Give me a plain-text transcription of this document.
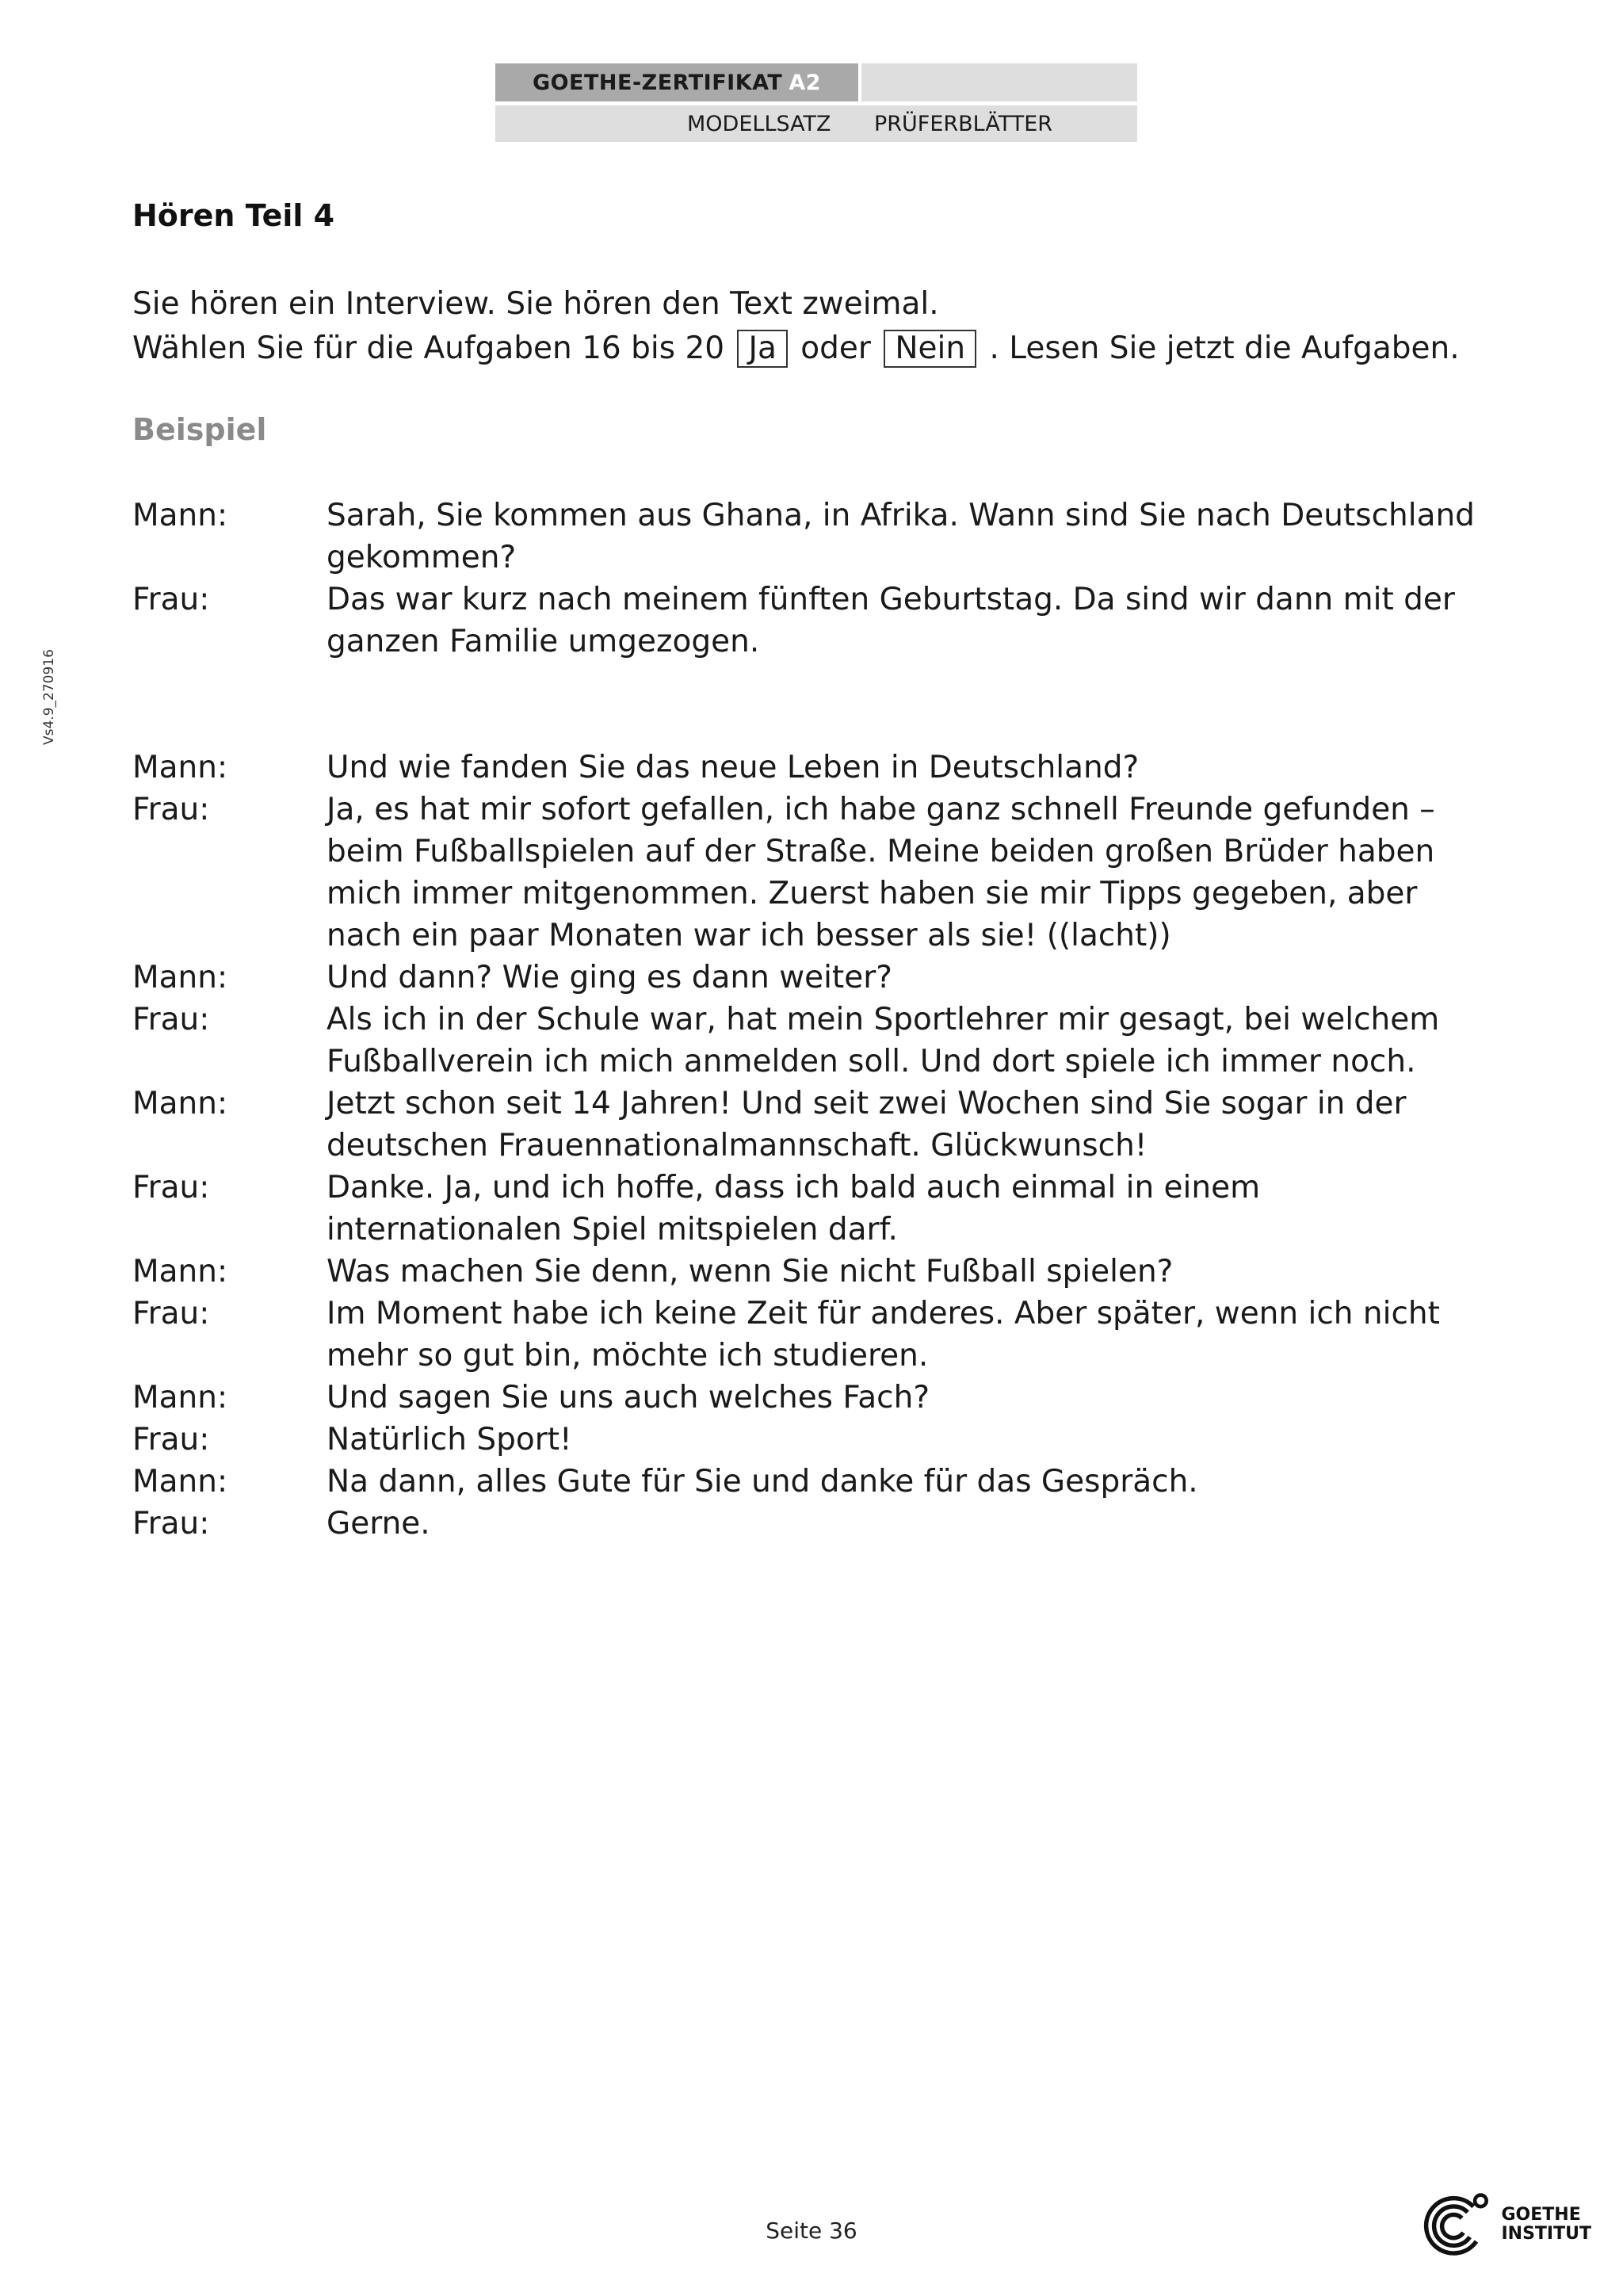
GOETHE-ZERTIFIKAT A2
MODELLSATZ PRÜFERBLÄTTER
Vs4.9_270916
Hören Teil 4
Sie hören ein Interview. Sie hören den Text zweimal.
Wählen Sie für die Aufgaben 16 bis 20 Ja oder Nein . Lesen Sie jetzt die Aufgaben.
Beispiel
Mann:	Sarah, Sie kommen aus Ghana, in Afrika. Wann sind Sie nach Deutschland gekommen?
Frau:	Das war kurz nach meinem fünften Geburtstag. Da sind wir dann mit der ganzen Familie umgezogen.
Mann:	Und wie fanden Sie das neue Leben in Deutschland?
Frau:	Ja, es hat mir sofort gefallen, ich habe ganz schnell Freunde gefunden – beim Fußballspielen auf der Straße. Meine beiden großen Brüder haben mich immer mitgenommen. Zuerst haben sie mir Tipps gegeben, aber nach ein paar Monaten war ich besser als sie! ((lacht))
Mann:	Und dann? Wie ging es dann weiter?
Frau:	Als ich in der Schule war, hat mein Sportlehrer mir gesagt, bei welchem Fußballverein ich mich anmelden soll. Und dort spiele ich immer noch.
Mann:	Jetzt schon seit 14 Jahren! Und seit zwei Wochen sind Sie sogar in der deutschen Frauennationalmannschaft. Glückwunsch!
Frau:	Danke. Ja, und ich hoffe, dass ich bald auch einmal in einem internationalen Spiel mitspielen darf.
Mann:	Was machen Sie denn, wenn Sie nicht Fußball spielen?
Frau:	Im Moment habe ich keine Zeit für anderes. Aber später, wenn ich nicht mehr so gut bin, möchte ich studieren.
Mann:	Und sagen Sie uns auch welches Fach?
Frau:	Natürlich Sport!
Mann:	Na dann, alles Gute für Sie und danke für das Gespräch.
Frau:	Gerne.
Seite 36
GOETHE
INSTITUT
